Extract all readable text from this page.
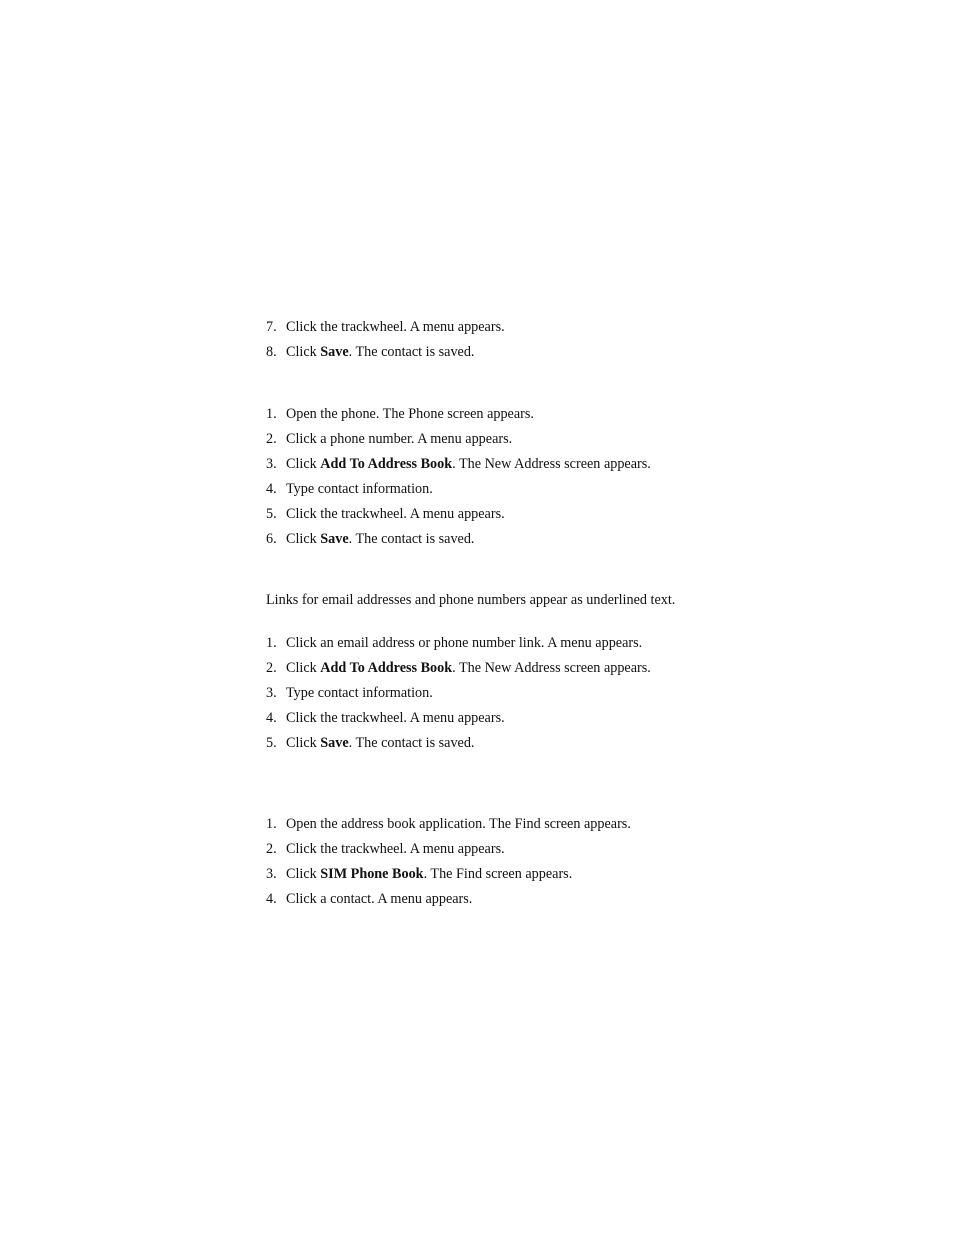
7. Click the trackwheel. A menu appears.
8. Click Save. The contact is saved.
1. Open the phone. The Phone screen appears.
2. Click a phone number. A menu appears.
3. Click Add To Address Book. The New Address screen appears.
4. Type contact information.
5. Click the trackwheel. A menu appears.
6. Click Save. The contact is saved.

Links for email addresses and phone numbers appear as underlined text.

1. Click an email address or phone number link. A menu appears.
2. Click Add To Address Book. The New Address screen appears.
3. Type contact information.
4. Click the trackwheel. A menu appears.
5. Click Save. The contact is saved.
1. Open the address book application. The Find screen appears.
2. Click the trackwheel. A menu appears.
3. Click SIM Phone Book. The Find screen appears.
4. Click a contact. A menu appears.
